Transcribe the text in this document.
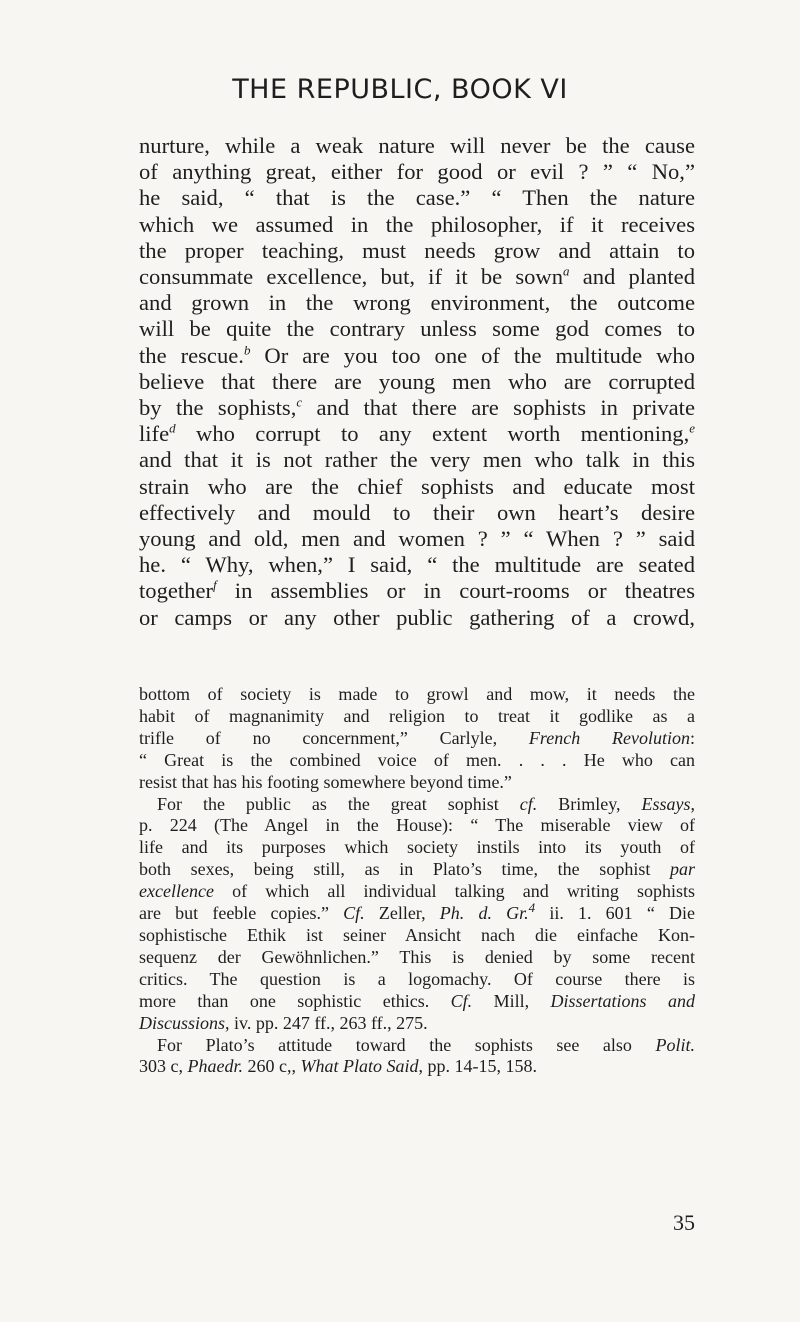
THE REPUBLIC, BOOK VI
nurture, while a weak nature will never be the cause
of anything great, either for good or evil ? ” “ No,”
he said, “ that is the case.” “ Then the nature
which we assumed in the philosopher, if it receives
the proper teaching, must needs grow and attain to
consummate excellence, but, if it be sown$^a$ and planted
and grown in the wrong environment, the outcome
will be quite the contrary unless some god comes to
the rescue.$^b$ Or are you too one of the multitude who
believe that there are young men who are corrupted
by the sophists,$^c$ and that there are sophists in private
life$^d$ who corrupt to any extent worth mentioning,$^e$
and that it is not rather the very men who talk in this
strain who are the chief sophists and educate most
effectively and mould to their own heart’s desire
young and old, men and women ? ” “ When ? ” said
he. “ Why, when,” I said, “ the multitude are seated
together$^f$ in assemblies or in court-rooms or theatres
or camps or any other public gathering of a crowd,
bottom of society is made to growl and mow, it needs the
habit of magnanimity and religion to treat it godlike as a
trifle of no concernment,” Carlyle, French Revolution:
“ Great is the combined voice of men. . . . He who can
resist that has his footing somewhere beyond time.”
For the public as the great sophist cf. Brimley, Essays,
p. 224 (The Angel in the House): “ The miserable view of
life and its purposes which society instils into its youth of
both sexes, being still, as in Plato’s time, the sophist par
excellence of which all individual talking and writing sophists
are but feeble copies.” Cf. Zeller, Ph. d. Gr.$^4$ ii. 1. 601 “ Die
sophistische Ethik ist seiner Ansicht nach die einfache Kon-
sequenz der Gewöhnlichen.” This is denied by some recent
critics. The question is a logomachy. Of course there is
more than one sophistic ethics. Cf. Mill, Dissertations and
Discussions, iv. pp. 247 ff., 263 ff., 275.
For Plato’s attitude toward the sophists see also Polit.
303 c, Phaedr. 260 c,, What Plato Said, pp. 14-15, 158.
35
